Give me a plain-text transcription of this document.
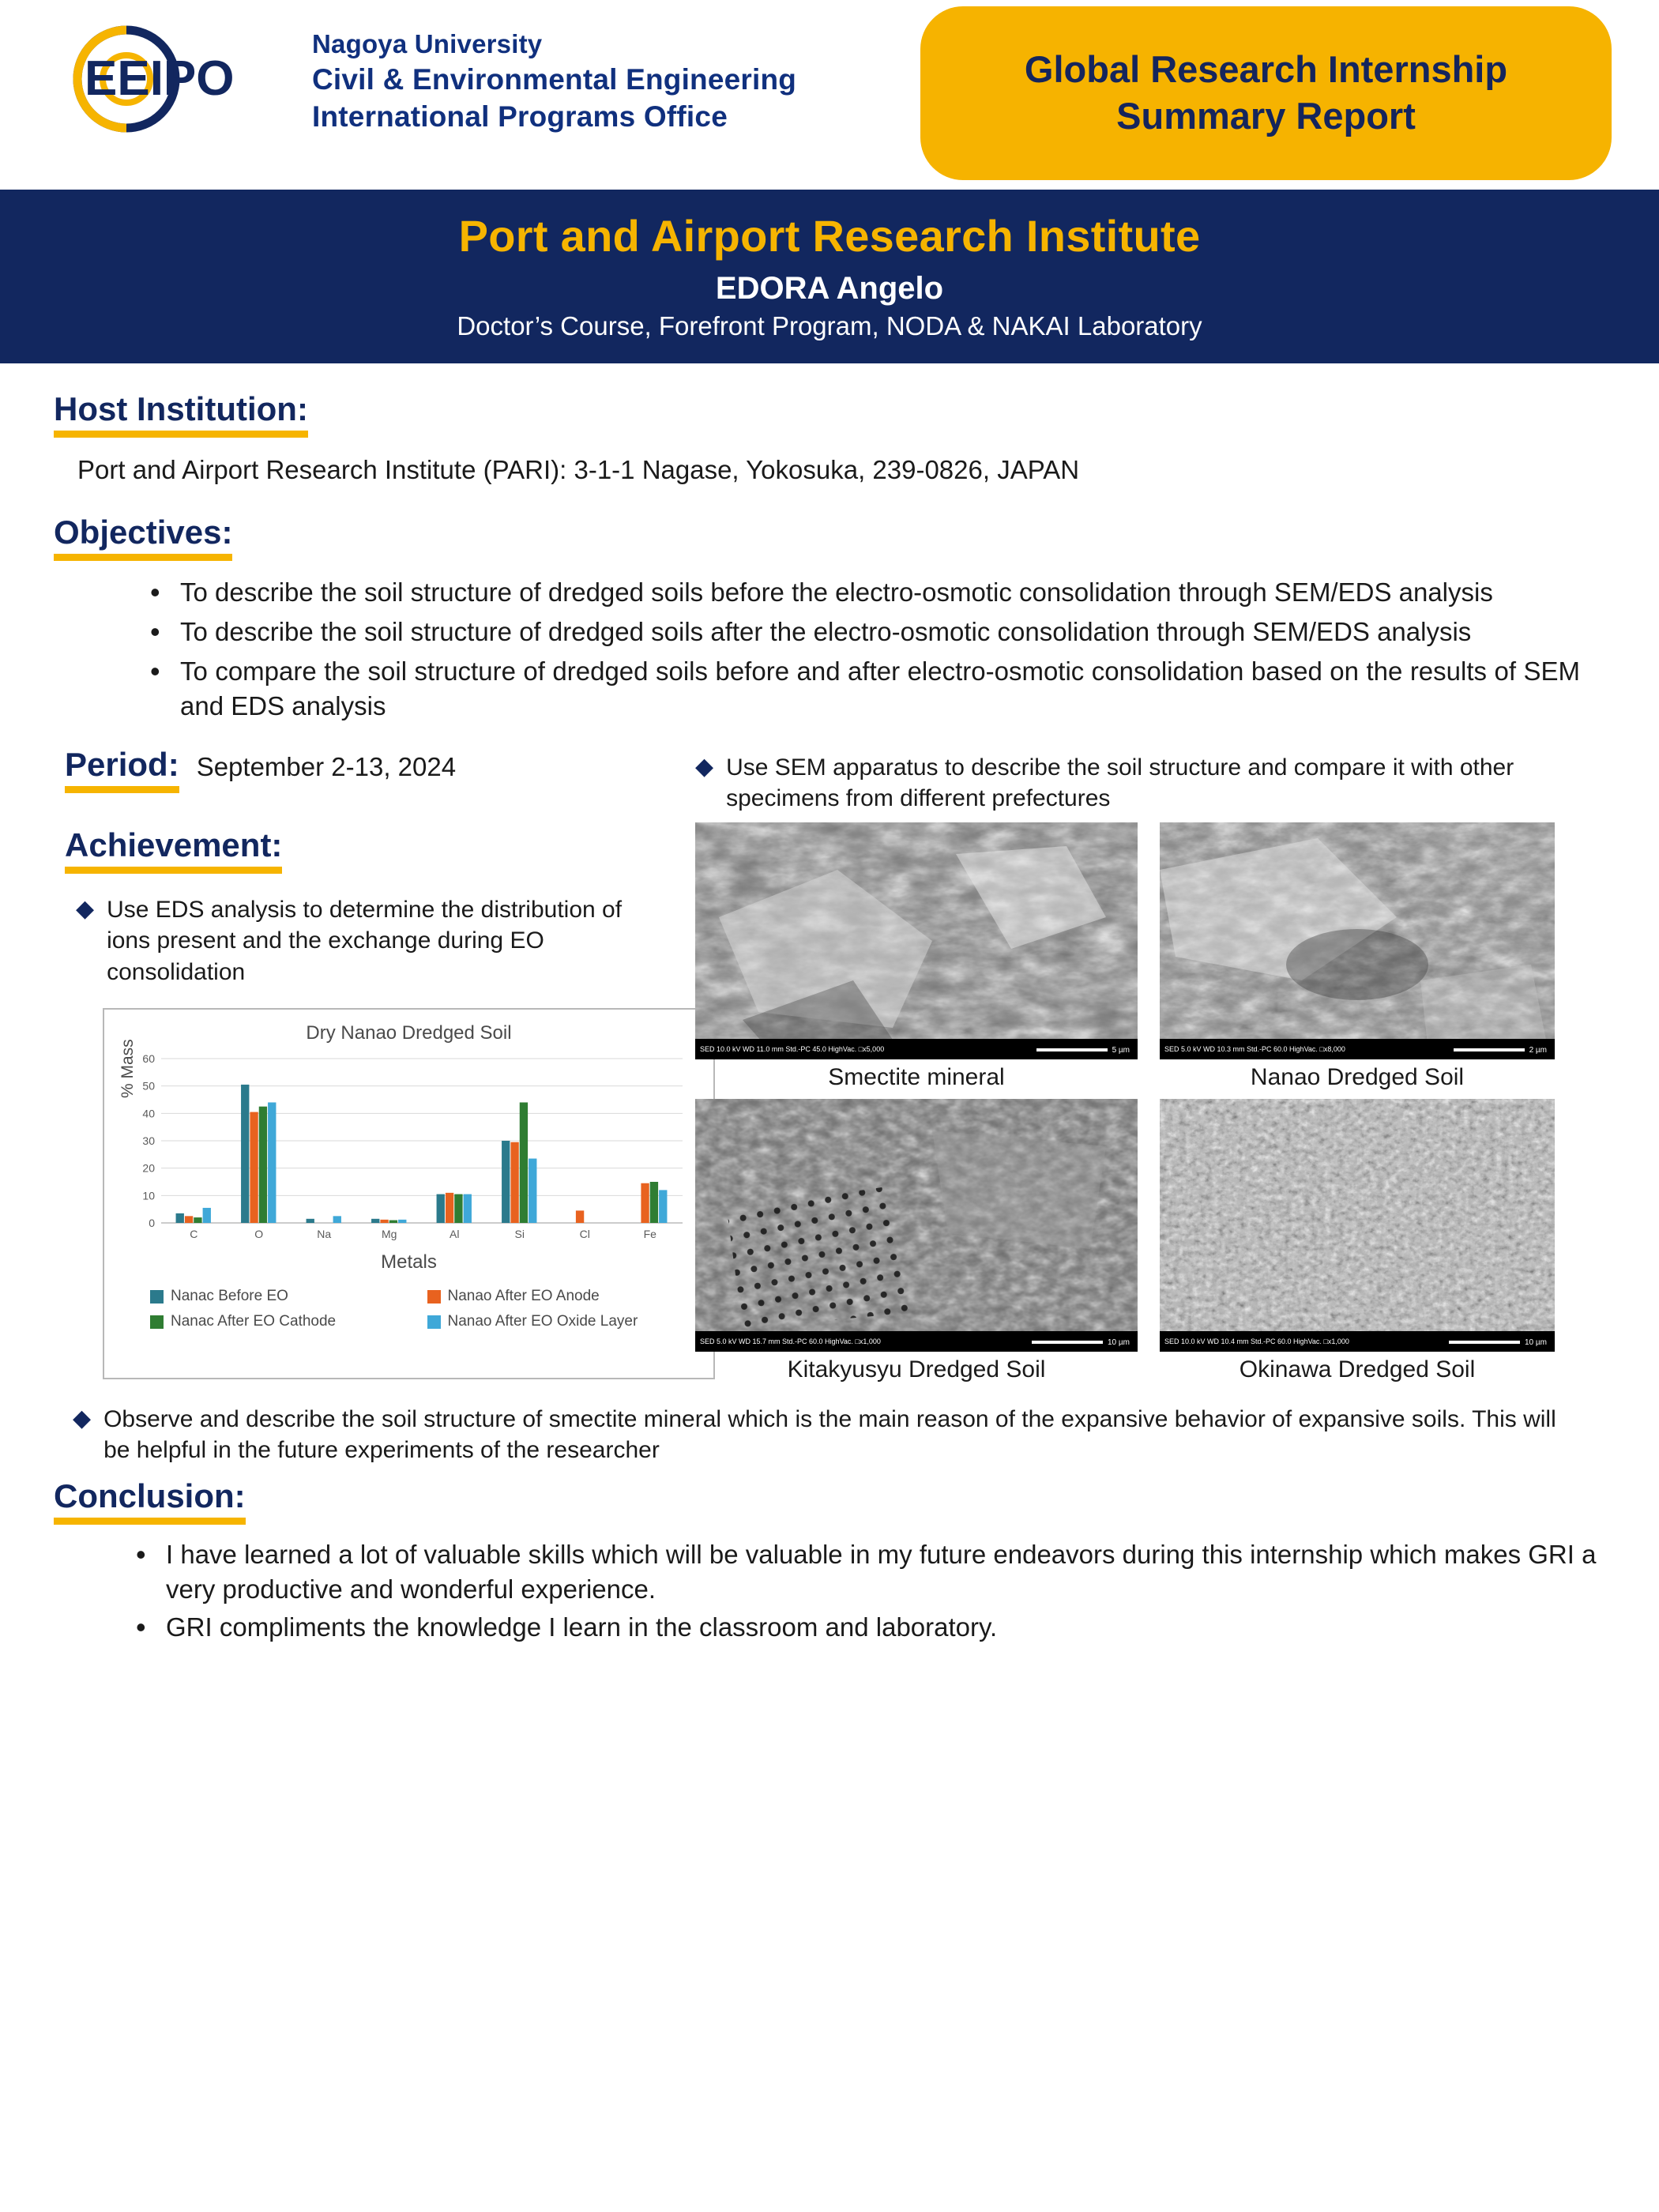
EEIPO
Nagoya University
Civil & Environmental Engineering
International Programs Office
Global Research Internship
Summary Report
Port and Airport Research Institute
EDORA Angelo
Doctor’s Course, Forefront Program, NODA & NAKAI Laboratory
Host Institution:
Port and Airport Research Institute (PARI): 3-1-1 Nagase, Yokosuka, 239-0826, JAPAN
Objectives:
• To describe the soil structure of dredged soils before the electro-osmotic consolidation through SEM/EDS analysis
• To describe the soil structure of dredged soils after the electro-osmotic consolidation through SEM/EDS analysis
• To compare the soil structure of dredged soils before and after electro-osmotic consolidation based on the results of SEM and EDS analysis
Period: September 2-13, 2024
Achievement:
◆ Use EDS analysis to determine the distribution of ions present and the exchange during EO consolidation
Dry Nanao Dredged Soil
% Mass
0
10
20
30
40
50
60
C	O	Na	Mg	Al	Si	Cl	Fe
Metals
Nanac Before EO	Nanao After EO Anode
Nanac After EO Cathode	Nanao After EO Oxide Layer
◆ Use SEM apparatus to describe the soil structure and compare it with other specimens from different prefectures
SED 10.0 kV WD 11.0 mm Std.-PC 45.0 HighVac. □x5,000	5 µm
Smectite mineral
SED 5.0 kV WD 10.3 mm Std.-PC 60.0 HighVac. □x8,000	2 µm
Nanao Dredged Soil
SED 5.0 kV WD 15.7 mm Std.-PC 60.0 HighVac. □x1,000	10 µm
Kitakyusyu Dredged Soil
SED 10.0 kV WD 10.4 mm Std.-PC 60.0 HighVac. □x1,000	10 µm
Okinawa Dredged Soil
◆ Observe and describe the soil structure of smectite mineral which is the main reason of the expansive behavior of expansive soils. This will be helpful in the future experiments of the researcher
Conclusion:
• I have learned a lot of valuable skills which will be valuable in my future endeavors during this internship which makes GRI a very productive and wonderful experience.
• GRI compliments the knowledge I learn in the classroom and laboratory.
